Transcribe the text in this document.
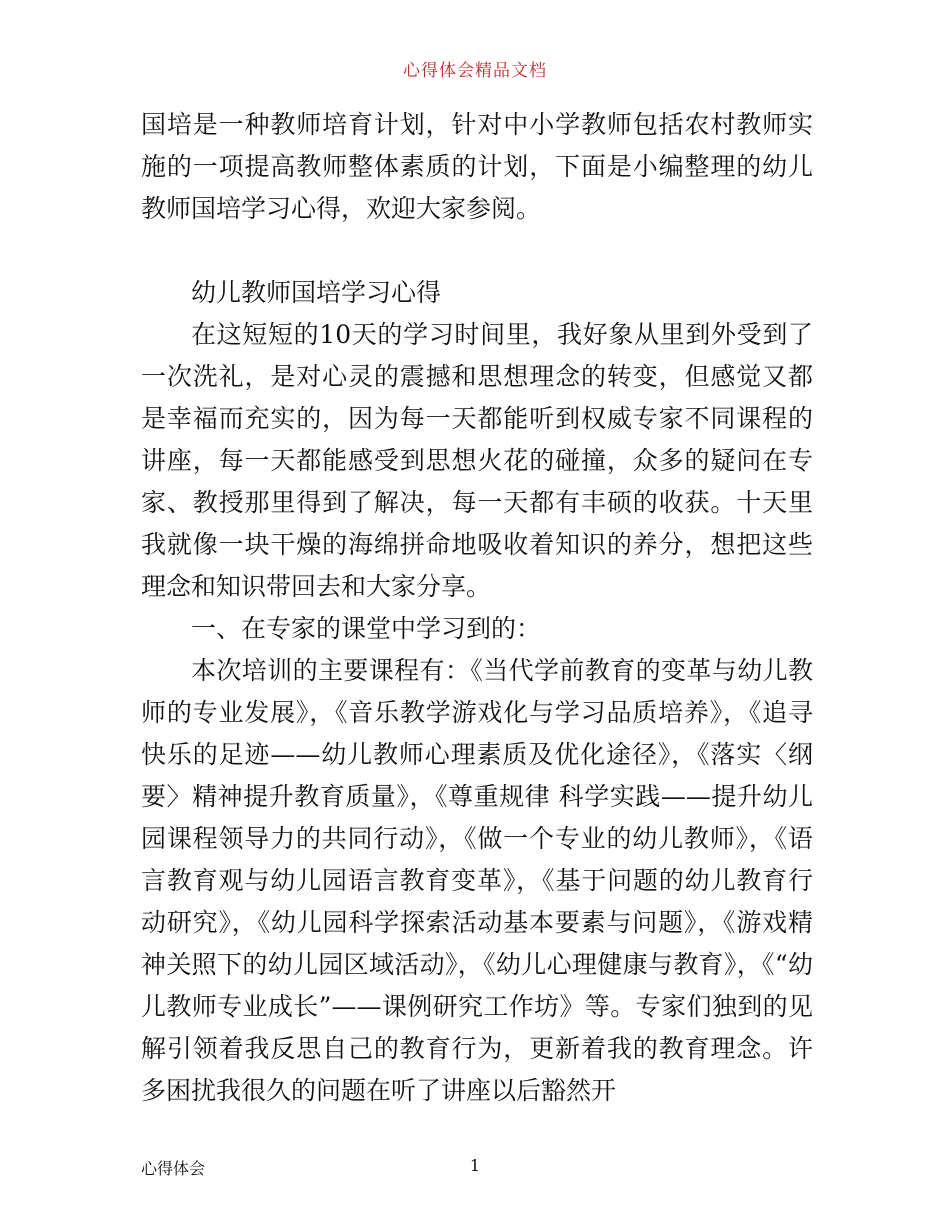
心得体会精品文档

国培是一种教师培育计划，针对中小学教师包括农村教师实施的一项提高教师整体素质的计划，下面是小编整理的幼儿教师国培学习心得，欢迎大家参阅。

幼儿教师国培学习心得

在这短短的10天的学习时间里，我好象从里到外受到了一次洗礼，是对心灵的震撼和思想理念的转变，但感觉又都是幸福而充实的，因为每一天都能听到权威专家不同课程的讲座，每一天都能感受到思想火花的碰撞，众多的疑问在专家、教授那里得到了解决，每一天都有丰硕的收获。十天里我就像一块干燥的海绵拼命地吸收着知识的养分，想把这些理念和知识带回去和大家分享。

一、在专家的课堂中学习到的：

本次培训的主要课程有：《当代学前教育的变革与幼儿教师的专业发展》，《音乐教学游戏化与学习品质培养》，《追寻快乐的足迹——幼儿教师心理素质及优化途径》，《落实〈纲要〉精神提升教育质量》，《尊重规律 科学实践——提升幼儿园课程领导力的共同行动》，《做一个专业的幼儿教师》，《语言教育观与幼儿园语言教育变革》，《基于问题的幼儿教育行动研究》，《幼儿园科学探索活动基本要素与问题》，《游戏精神关照下的幼儿园区域活动》，《幼儿心理健康与教育》，《“幼儿教师专业成长”——课例研究工作坊》等。专家们独到的见解引领着我反思自己的教育行为，更新着我的教育理念。许多困扰我很久的问题在听了讲座以后豁然开

心得体会	1
